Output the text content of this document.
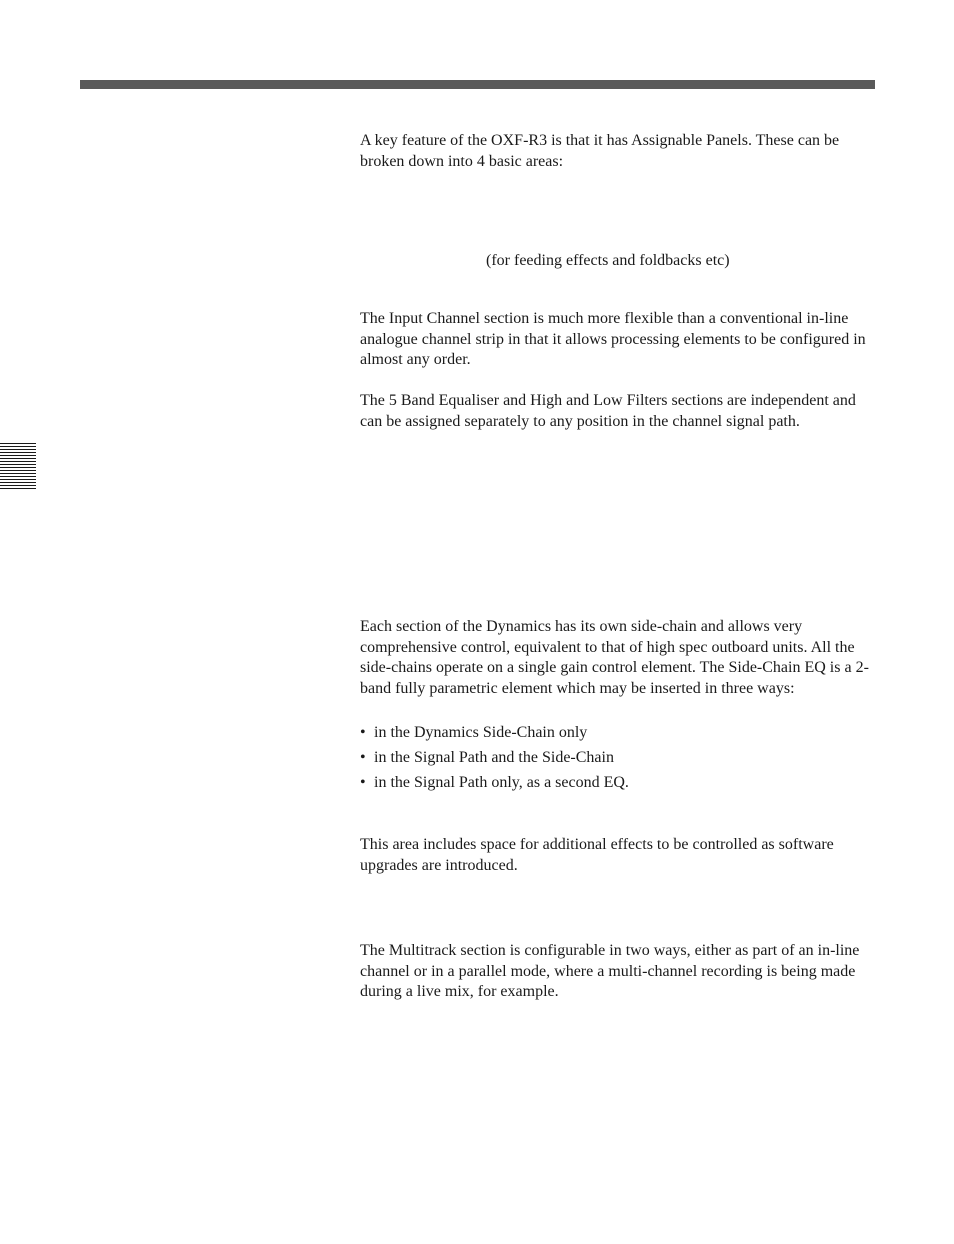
A key feature of the OXF-R3 is that it has Assignable Panels. These can be broken down into 4 basic areas:

(for feeding effects and foldbacks etc)

The Input Channel section is much more flexible than a conventional in-line analogue channel strip in that it allows processing elements to be configured in almost any order.

The 5 Band Equaliser and High and Low Filters sections are independent and can be assigned separately to any position in the channel signal path.

Each section of the Dynamics has its own side-chain and allows very comprehensive control, equivalent to that of high spec outboard units. All the side-chains operate on a single gain control element. The Side-Chain EQ is a 2-band fully parametric element which may be inserted in three ways:

• in the Dynamics Side-Chain only
• in the Signal Path and the Side-Chain
• in the Signal Path only, as a second EQ.

This area includes space for additional effects to be controlled as software upgrades are introduced.

The Multitrack section is configurable in two ways, either as part of an in-line channel or in a parallel mode, where a multi-channel recording is being made during a live mix, for example.
